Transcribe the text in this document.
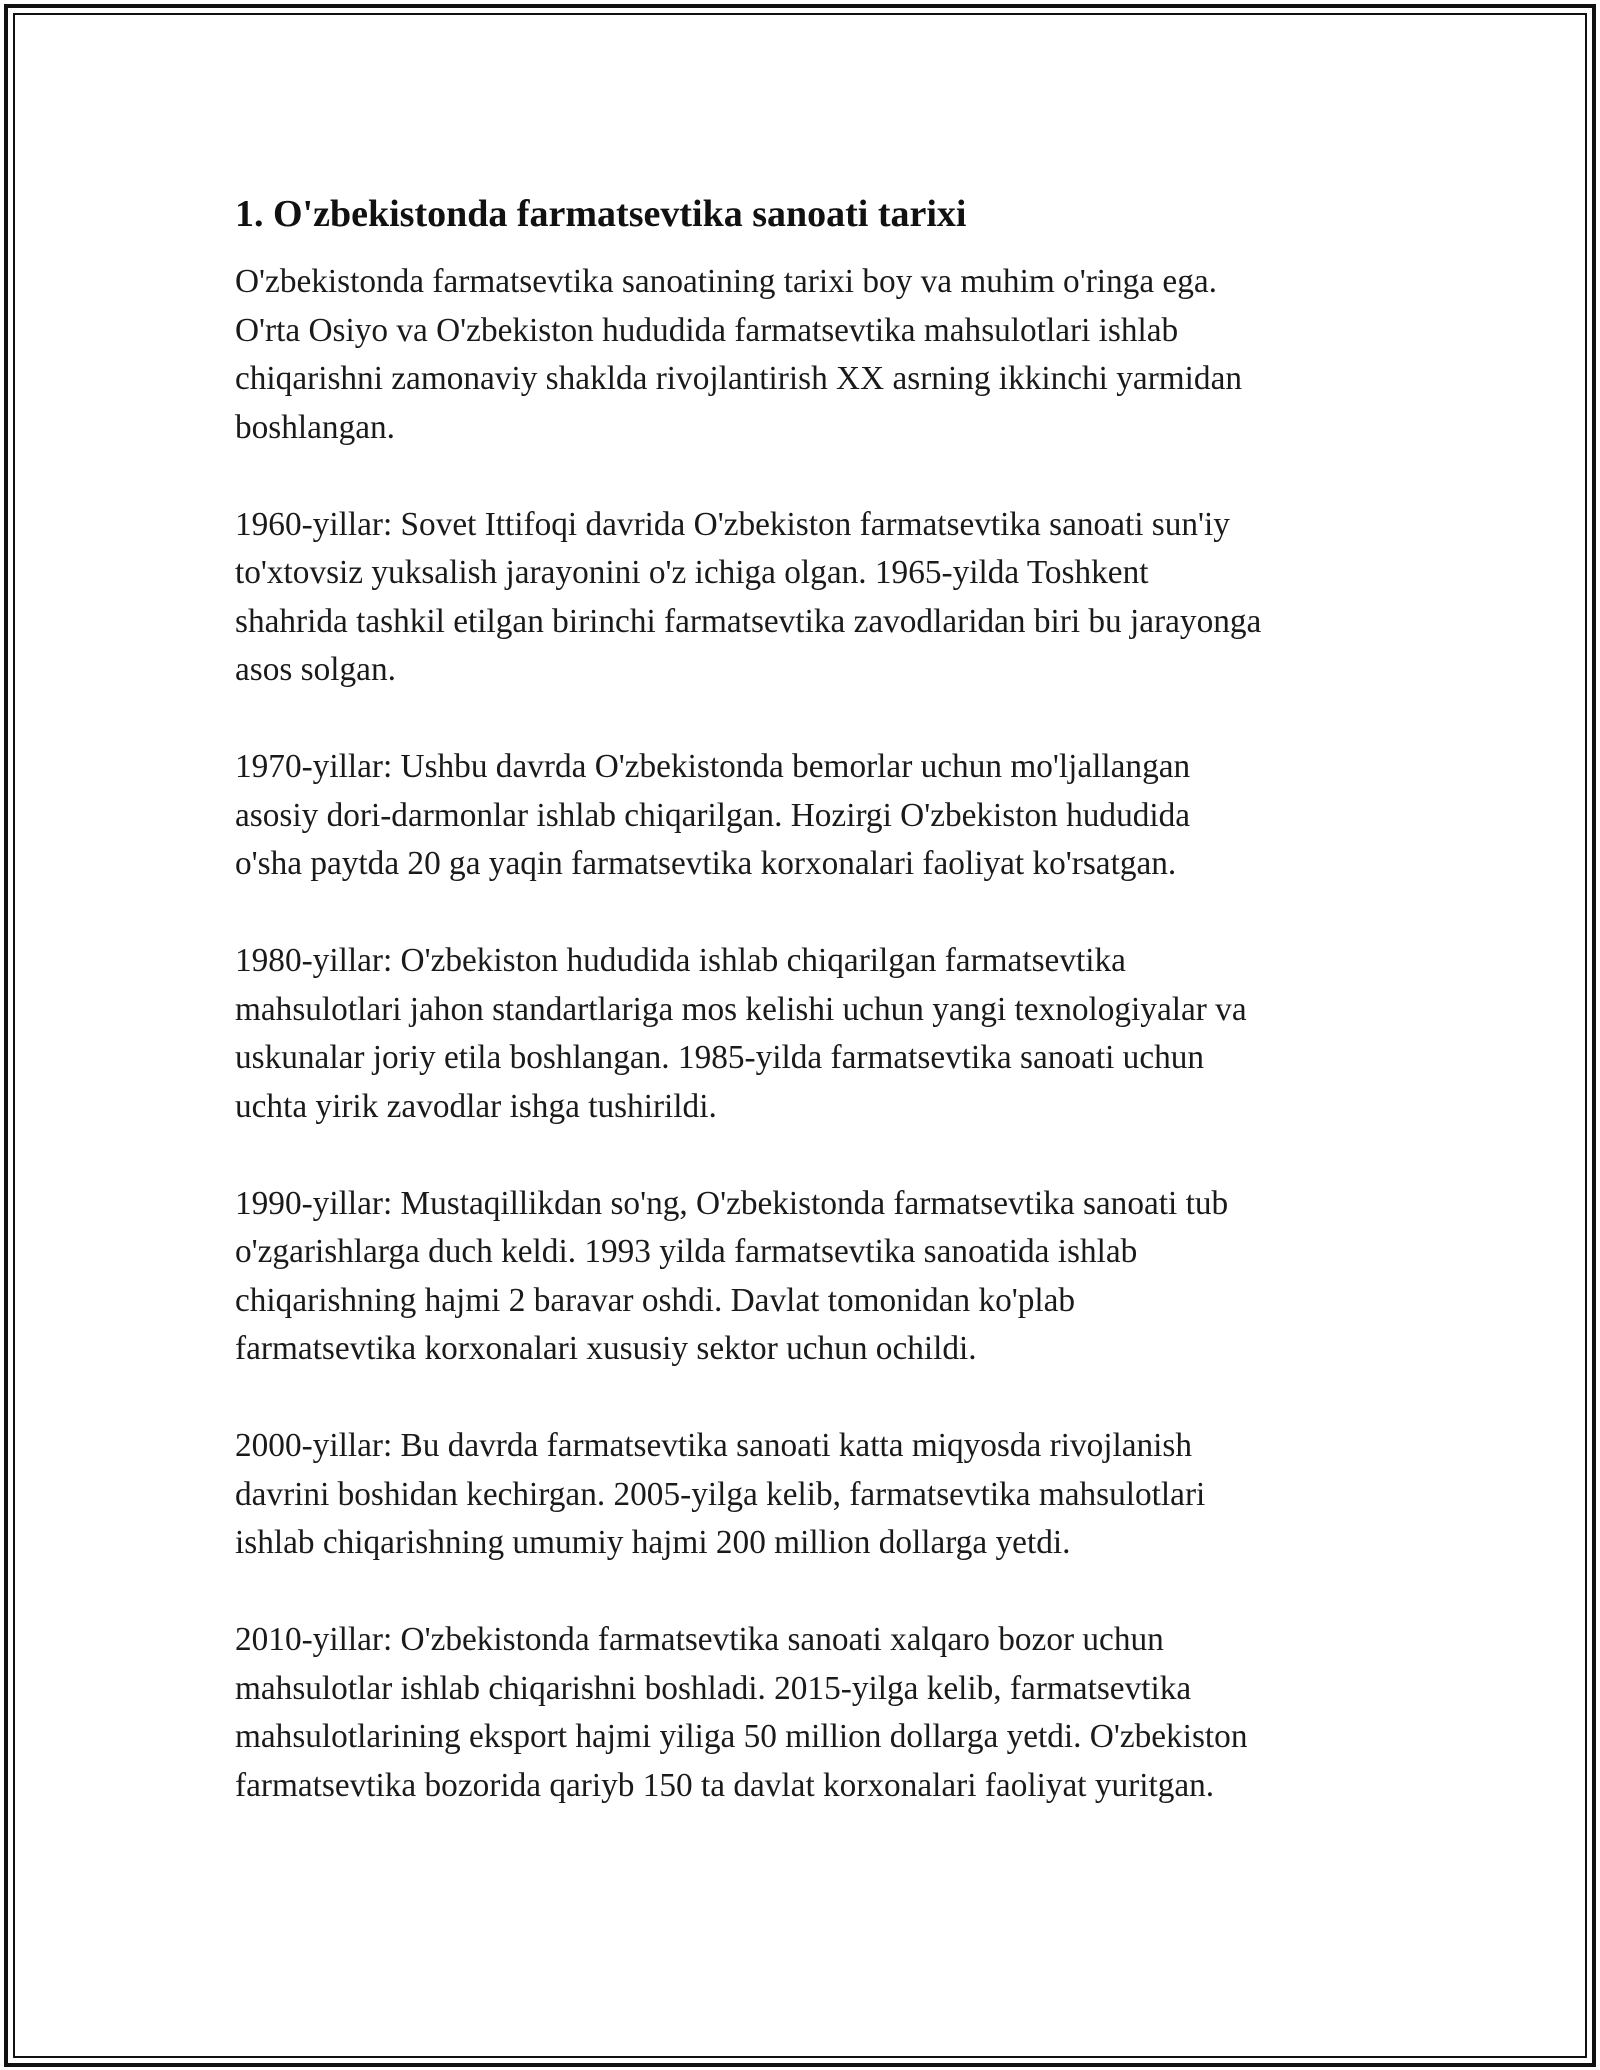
1. O'zbekistonda farmatsevtika sanoati tarixi

O'zbekistonda farmatsevtika sanoatining tarixi boy va muhim o'ringa ega.
O'rta Osiyo va O'zbekiston hududida farmatsevtika mahsulotlari ishlab
chiqarishni zamonaviy shaklda rivojlantirish XX asrning ikkinchi yarmidan
boshlangan.

1960-yillar: Sovet Ittifoqi davrida O'zbekiston farmatsevtika sanoati sun'iy
to'xtovsiz yuksalish jarayonini o'z ichiga olgan. 1965-yilda Toshkent
shahrida tashkil etilgan birinchi farmatsevtika zavodlaridan biri bu jarayonga
asos solgan.

1970-yillar: Ushbu davrda O'zbekistonda bemorlar uchun mo'ljallangan
asosiy dori-darmonlar ishlab chiqarilgan. Hozirgi O'zbekiston hududida
o'sha paytda 20 ga yaqin farmatsevtika korxonalari faoliyat ko'rsatgan.

1980-yillar: O'zbekiston hududida ishlab chiqarilgan farmatsevtika
mahsulotlari jahon standartlariga mos kelishi uchun yangi texnologiyalar va
uskunalar joriy etila boshlangan. 1985-yilda farmatsevtika sanoati uchun
uchta yirik zavodlar ishga tushirildi.

1990-yillar: Mustaqillikdan so'ng, O'zbekistonda farmatsevtika sanoati tub
o'zgarishlarga duch keldi. 1993 yilda farmatsevtika sanoatida ishlab
chiqarishning hajmi 2 baravar oshdi. Davlat tomonidan ko'plab
farmatsevtika korxonalari xususiy sektor uchun ochildi.

2000-yillar: Bu davrda farmatsevtika sanoati katta miqyosda rivojlanish
davrini boshidan kechirgan. 2005-yilga kelib, farmatsevtika mahsulotlari
ishlab chiqarishning umumiy hajmi 200 million dollarga yetdi.

2010-yillar: O'zbekistonda farmatsevtika sanoati xalqaro bozor uchun
mahsulotlar ishlab chiqarishni boshladi. 2015-yilga kelib, farmatsevtika
mahsulotlarining eksport hajmi yiliga 50 million dollarga yetdi. O'zbekiston
farmatsevtika bozorida qariyb 150 ta davlat korxonalari faoliyat yuritgan.
